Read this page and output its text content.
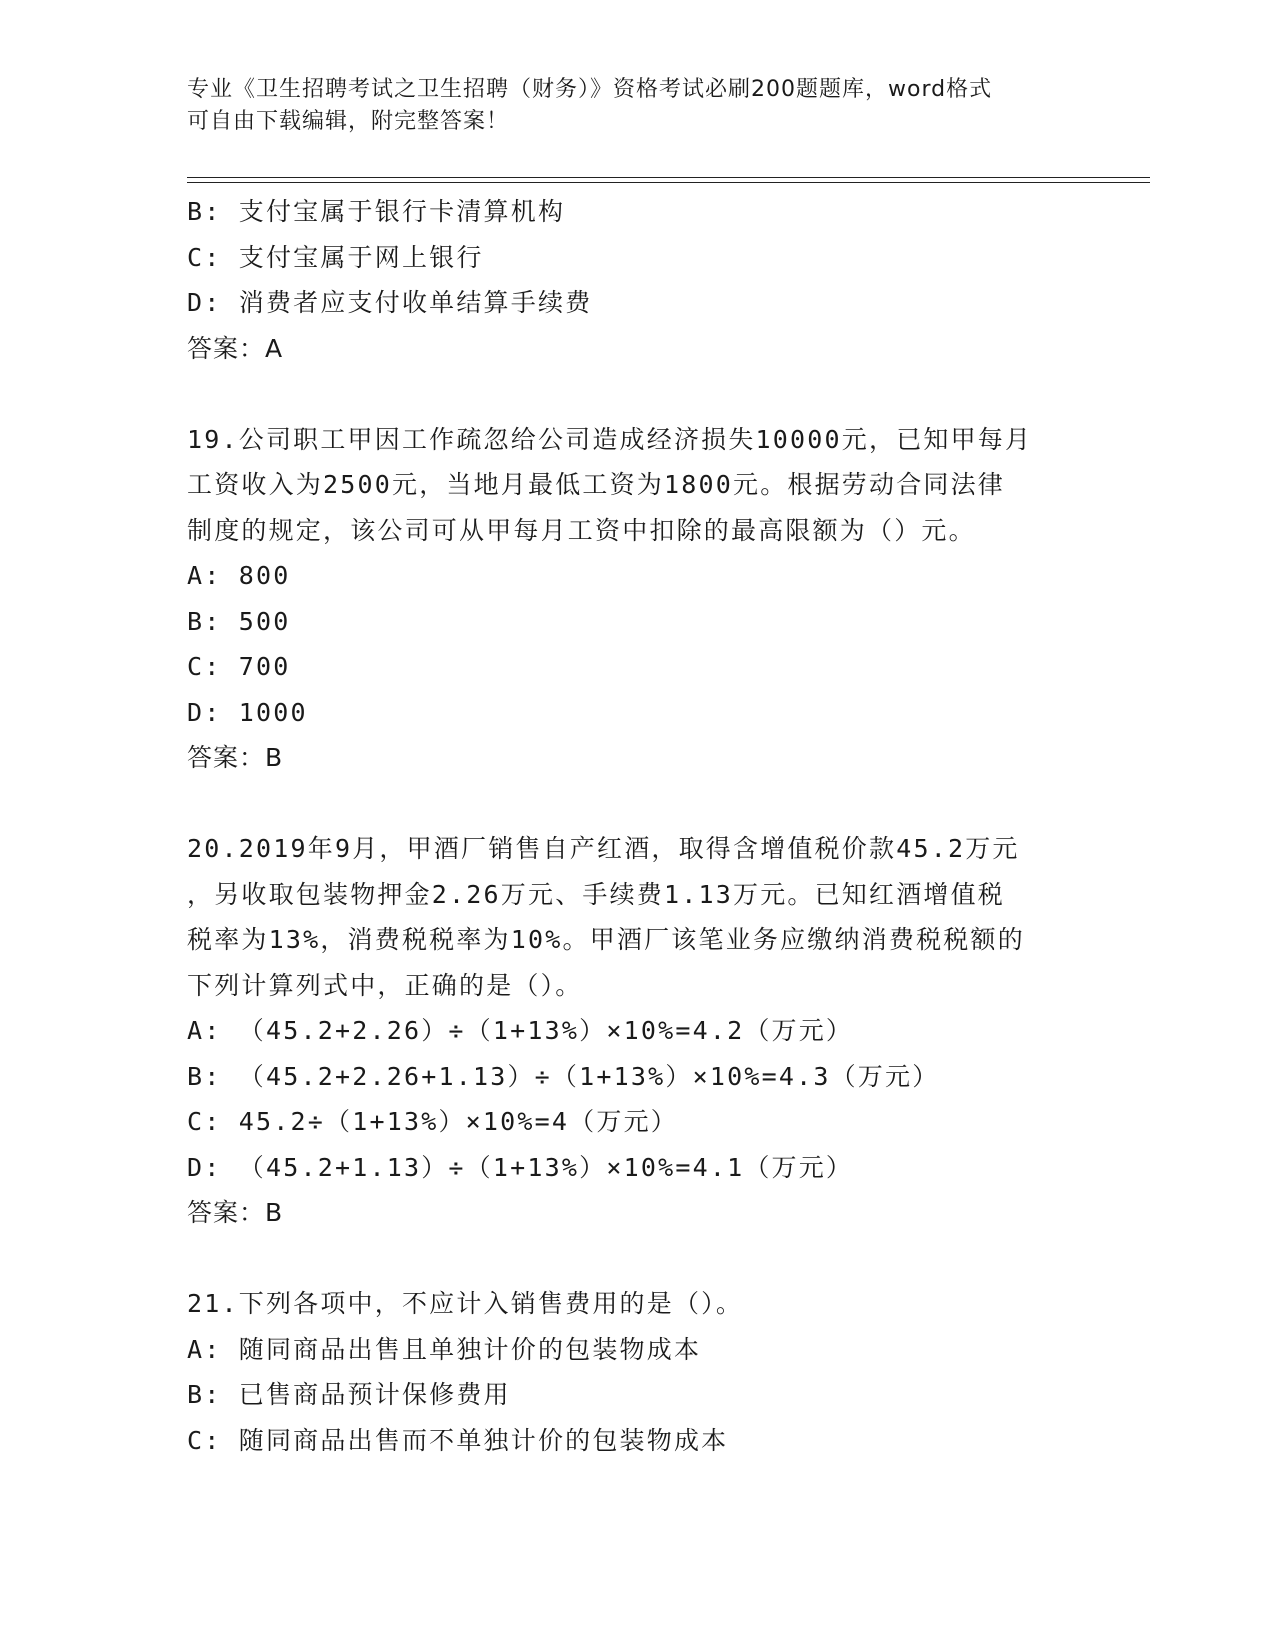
专业《卫生招聘考试之卫生招聘（财务）》资格考试必刷200题题库，word格式
可自由下载编辑，附完整答案！
B: 支付宝属于银行卡清算机构
C: 支付宝属于网上银行
D: 消费者应支付收单结算手续费
答案：A
19.公司职工甲因工作疏忽给公司造成经济损失10000元，已知甲每月
工资收入为2500元，当地月最低工资为1800元。根据劳动合同法律
制度的规定，该公司可从甲每月工资中扣除的最高限额为（）元。
A: 800
B: 500
C: 700
D: 1000
答案：B
20.2019年9月，甲酒厂销售自产红酒，取得含增值税价款45.2万元
，另收取包装物押金2.26万元、手续费1.13万元。已知红酒增值税
税率为13%，消费税税率为10%。甲酒厂该笔业务应缴纳消费税税额的
下列计算列式中，正确的是（）。
A: （45.2+2.26）÷（1+13%）×10%=4.2（万元）
B: （45.2+2.26+1.13）÷（1+13%）×10%=4.3（万元）
C: 45.2÷（1+13%）×10%=4（万元）
D: （45.2+1.13）÷（1+13%）×10%=4.1（万元）
答案：B
21.下列各项中，不应计入销售费用的是（）。
A: 随同商品出售且单独计价的包装物成本
B: 已售商品预计保修费用
C: 随同商品出售而不单独计价的包装物成本
